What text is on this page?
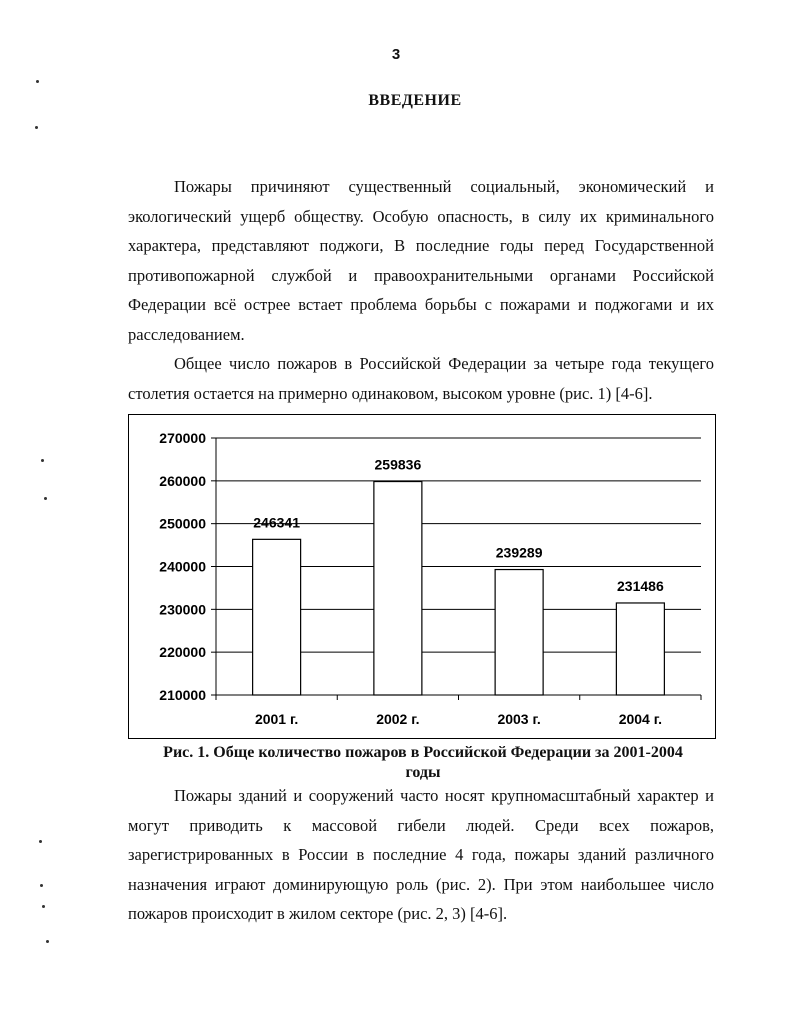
3
ВВЕДЕНИЕ

Пожары причиняют существенный социальный, экономический и экологический ущерб обществу. Особую опасность, в силу их криминального характера, представляют поджоги, В последние годы перед Государственной противопожарной службой и правоохранительными органами Российской Федерации всё острее встает проблема борьбы с пожарами и поджогами и их расследованием.

Общее число пожаров в Российской Федерации за четыре года текущего столетия остается на примерно одинаковом, высоком уровне (рис. 1) [4-6].

270000
260000
250000
240000
230000
220000
210000
246341
2001 г.
259836
2002 г.
239289
2003 г.
231486
2004 г.
Рис. 1. Обще количество пожаров в Российской Федерации за 2001-2004
годы

Пожары зданий и сооружений часто носят крупномасштабный характер и могут приводить к массовой гибели людей. Среди всех пожаров, зарегистрированных в России в последние 4 года, пожары зданий различного назначения играют доминирующую роль (рис. 2). При этом наибольшее число пожаров происходит в жилом секторе (рис. 2, 3) [4-6].
